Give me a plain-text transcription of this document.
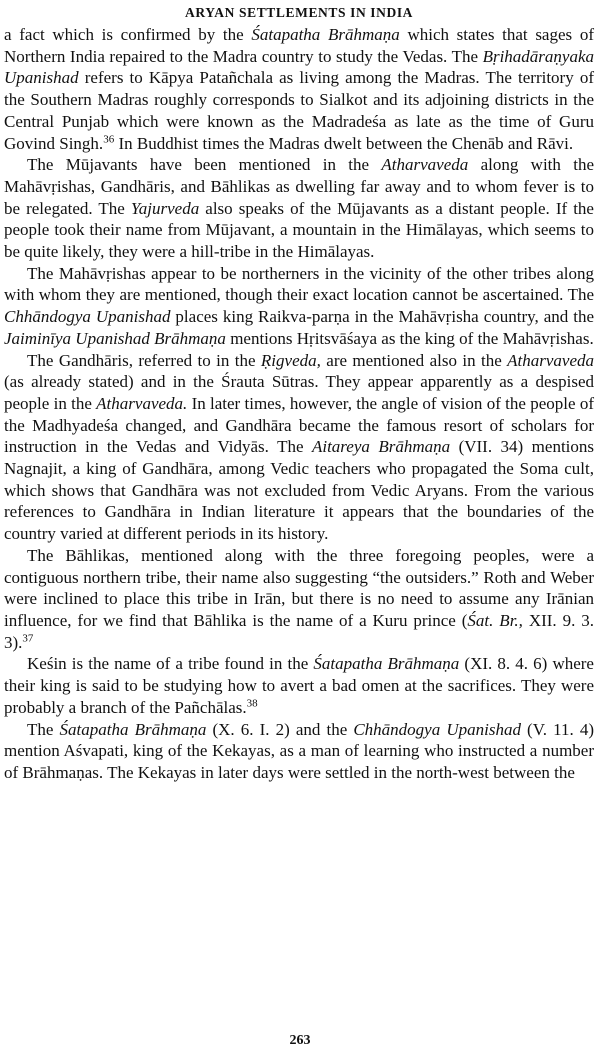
ARYAN SETTLEMENTS IN INDIA

a fact which is confirmed by the Śatapatha Brāhmaṇa which states that sages of Northern India repaired to the Madra country to study the Vedas. The Bṛihadāraṇyaka Upanishad refers to Kāpya Patañchala as living among the Madras. The territory of the Southern Madras roughly corresponds to Sialkot and its adjoining districts in the Central Punjab which were known as the Madradeśa as late as the time of Guru Govind Singh.$^{36}$ In Buddhist times the Madras dwelt between the Chenāb and Rāvi.

The Mūjavants have been mentioned in the Atharvaveda along with the Mahāvṛishas, Gandhāris, and Bāhlikas as dwelling far away and to whom fever is to be relegated. The Yajurveda also speaks of the Mūjavants as a distant people. If the people took their name from Mūjavant, a mountain in the Himālayas, which seems to be quite likely, they were a hill-tribe in the Himālayas.

The Mahāvṛishas appear to be northerners in the vicinity of the other tribes along with whom they are mentioned, though their exact location cannot be ascertained. The Chhāndogya Upanishad places king Raikva-parṇa in the Mahāvṛisha country, and the Jaiminīya Upanishad Brāhmaṇa mentions Hṛitsvāśaya as the king of the Mahāvṛishas.

The Gandhāris, referred to in the Ṛigveda, are mentioned also in the Atharvaveda (as already stated) and in the Śrauta Sūtras. They appear apparently as a despised people in the Atharvaveda. In later times, however, the angle of vision of the people of the Madhyadeśa changed, and Gandhāra became the famous resort of scholars for instruction in the Vedas and Vidyās. The Aitareya Brāhmaṇa (VII. 34) mentions Nagnajit, a king of Gandhāra, among Vedic teachers who propagated the Soma cult, which shows that Gandhāra was not excluded from Vedic Aryans. From the various references to Gandhāra in Indian literature it appears that the boundaries of the country varied at different periods in its history.

The Bāhlikas, mentioned along with the three foregoing peoples, were a contiguous northern tribe, their name also suggesting “the outsiders.” Roth and Weber were inclined to place this tribe in Irān, but there is no need to assume any Irānian influence, for we find that Bāhlika is the name of a Kuru prince (Śat. Br., XII. 9. 3. 3).$^{37}$

Keśin is the name of a tribe found in the Śatapatha Brāhmaṇa (XI. 8. 4. 6) where their king is said to be studying how to avert a bad omen at the sacrifices. They were probably a branch of the Pañchālas.$^{38}$

The Śatapatha Brāhmaṇa (X. 6. I. 2) and the Chhāndogya Upanishad (V. 11. 4) mention Aśvapati, king of the Kekayas, as a man of learning who instructed a number of Brāhmaṇas. The Kekayas in later days were settled in the north-west between the

263
